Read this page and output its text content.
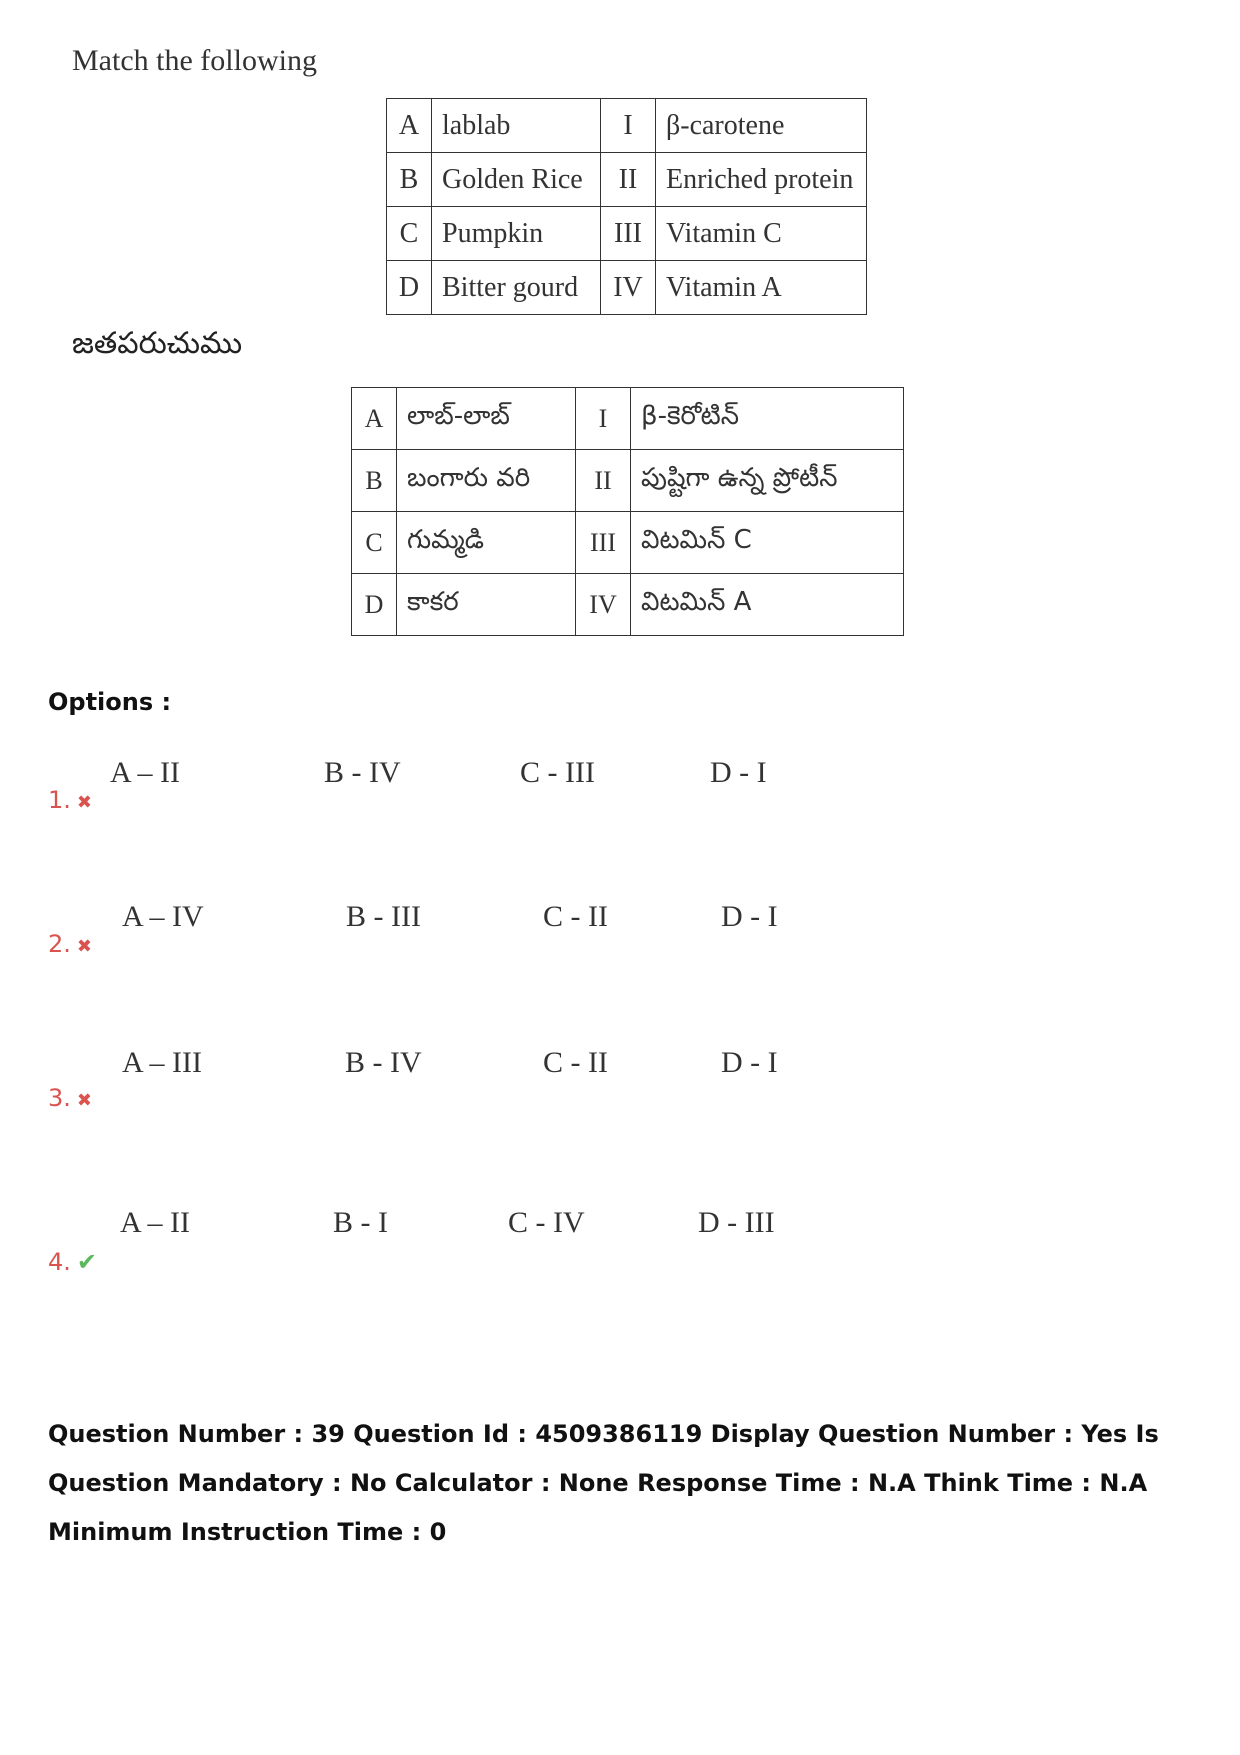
Match the following
A	lablab	I	β-carotene
B	Golden Rice	II	Enriched protein
C	Pumpkin	III	Vitamin C
D	Bitter gourd	IV	Vitamin A
జతపరుచుము
A	లాబ్-లాబ్	I	β-కెరోటిన్
B	బంగారు వరి	II	పుష్టిగా ఉన్న ప్రోటీన్
C	గుమ్మడి	III	విటమిన్ C
D	కాకర	IV	విటమిన్ A
Options :
1. ✖
A – II	B - IV	C - III	D - I
2. ✖
A – IV	B - III	C - II	D - I
3. ✖
A – III	B - IV	C - II	D - I
4. ✔
A – II	B - I	C - IV	D - III
Question Number : 39 Question Id : 4509386119 Display Question Number : Yes Is Question Mandatory : No Calculator : None Response Time : N.A Think Time : N.A Minimum Instruction Time : 0
